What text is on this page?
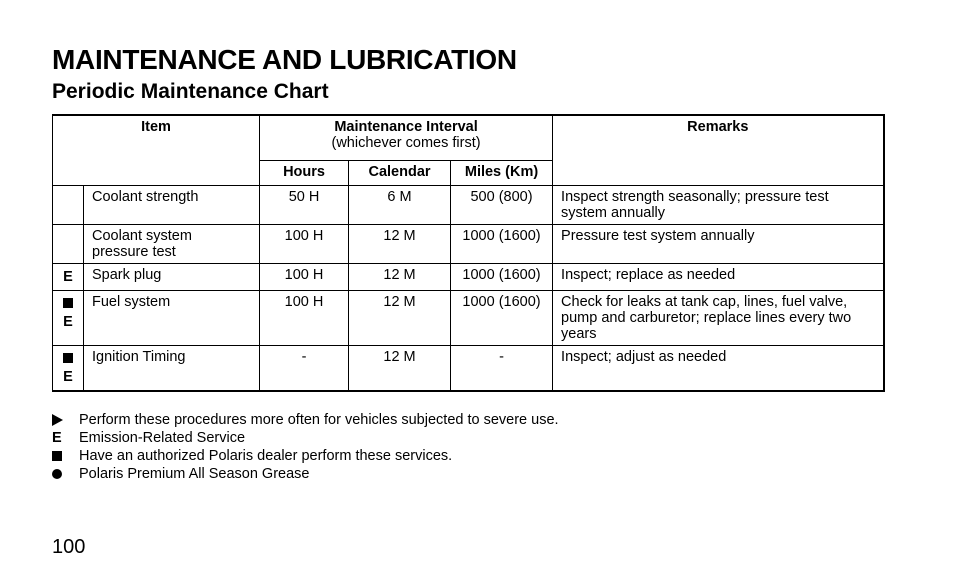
MAINTENANCE AND LUBRICATION
Periodic Maintenance Chart
Item		Maintenance Interval
(whichever comes first)			Remarks
		Hours	Calendar	Miles (Km)	
	Coolant strength	50 H	6 M	500 (800)	Inspect strength seasonally; pressure test system annually
	Coolant system pressure test	100 H	12 M	1000 (1600)	Pressure test system annually

E	Spark plug	100 H	12 M	1000 (1600)	Inspect; replace as needed

E	Fuel system	100 H	12 M	1000 (1600)	Check for leaks at tank cap, lines, fuel valve, pump and carburetor; replace lines every two years

E	Ignition Timing	-	12 M	-	Inspect; adjust as needed
Perform these procedures more often for vehicles subjected to severe use.
E	Emission-Related Service
Have an authorized Polaris dealer perform these services.
Polaris Premium All Season Grease
100
